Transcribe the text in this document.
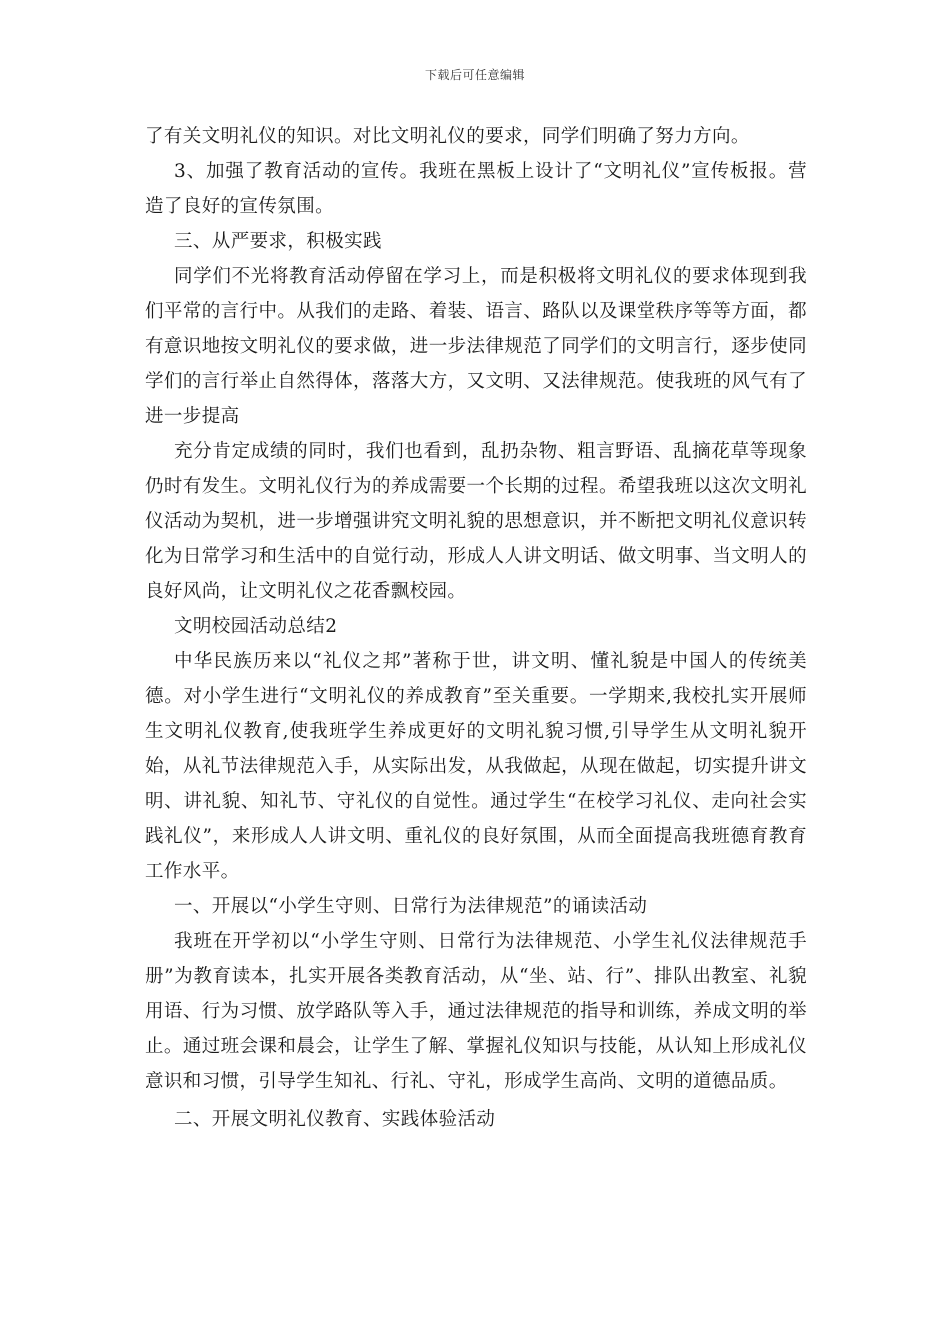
下载后可任意编辑

了有关文明礼仪的知识。对比文明礼仪的要求，同学们明确了努力方向。

3、加强了教育活动的宣传。我班在黑板上设计了“文明礼仪”宣传板报。营造了良好的宣传氛围。

三、从严要求，积极实践

同学们不光将教育活动停留在学习上，而是积极将文明礼仪的要求体现到我们平常的言行中。从我们的走路、着装、语言、路队以及课堂秩序等等方面，都有意识地按文明礼仪的要求做，进一步法律规范了同学们的文明言行，逐步使同学们的言行举止自然得体，落落大方，又文明、又法律规范。使我班的风气有了进一步提高

充分肯定成绩的同时，我们也看到，乱扔杂物、粗言野语、乱摘花草等现象仍时有发生。文明礼仪行为的养成需要一个长期的过程。希望我班以这次文明礼仪活动为契机，进一步增强讲究文明礼貌的思想意识，并不断把文明礼仪意识转化为日常学习和生活中的自觉行动，形成人人讲文明话、做文明事、当文明人的良好风尚，让文明礼仪之花香飘校园。

文明校园活动总结2

中华民族历来以“礼仪之邦”著称于世，讲文明、懂礼貌是中国人的传统美德。对小学生进行“文明礼仪的养成教育”至关重要。一学期来,我校扎实开展师生文明礼仪教育,使我班学生养成更好的文明礼貌习惯,引导学生从文明礼貌开始，从礼节法律规范入手，从实际出发，从我做起，从现在做起，切实提升讲文明、讲礼貌、知礼节、守礼仪的自觉性。通过学生“在校学习礼仪、走向社会实践礼仪”，来形成人人讲文明、重礼仪的良好氛围，从而全面提高我班德育教育工作水平。

一、开展以“小学生守则、日常行为法律规范”的诵读活动

我班在开学初以“小学生守则、日常行为法律规范、小学生礼仪法律规范手册”为教育读本，扎实开展各类教育活动，从“坐、站、行”、排队出教室、礼貌用语、行为习惯、放学路队等入手，通过法律规范的指导和训练，养成文明的举止。通过班会课和晨会，让学生了解、掌握礼仪知识与技能，从认知上形成礼仪意识和习惯，引导学生知礼、行礼、守礼，形成学生高尚、文明的道德品质。

二、开展文明礼仪教育、实践体验活动
